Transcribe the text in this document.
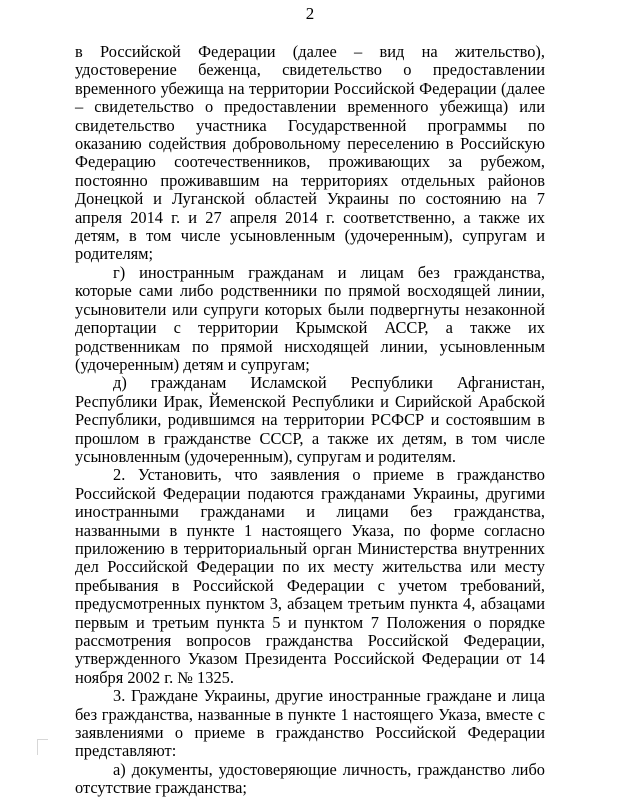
2

в Российской Федерации (далее – вид на жительство), удостоверение беженца, свидетельство о предоставлении временного убежища на территории Российской Федерации (далее – свидетельство о предоставлении временного убежища) или свидетельство участника Государственной программы по оказанию содействия добровольному переселению в Российскую Федерацию соотечественников, проживающих за рубежом, постоянно проживавшим на территориях отдельных районов Донецкой и Луганской областей Украины по состоянию на 7 апреля 2014 г. и 27 апреля 2014 г. соответственно, а также их детям, в том числе усыновленным (удочеренным), супругам и родителям;

г) иностранным гражданам и лицам без гражданства, которые сами либо родственники по прямой восходящей линии, усыновители или супруги которых были подвергнуты незаконной депортации с территории Крымской АССР, а также их родственникам по прямой нисходящей линии, усыновленным (удочеренным) детям и супругам;

д) гражданам Исламской Республики Афганистан, Республики Ирак, Йеменской Республики и Сирийской Арабской Республики, родившимся на территории РСФСР и состоявшим в прошлом в гражданстве СССР, а также их детям, в том числе усыновленным (удочеренным), супругам и родителям.

2. Установить, что заявления о приеме в гражданство Российской Федерации подаются гражданами Украины, другими иностранными гражданами и лицами без гражданства, названными в пункте 1 настоящего Указа, по форме согласно приложению в территориальный орган Министерства внутренних дел Российской Федерации по их месту жительства или месту пребывания в Российской Федерации с учетом требований, предусмотренных пунктом 3, абзацем третьим пункта 4, абзацами первым и третьим пункта 5 и пунктом 7 Положения о порядке рассмотрения вопросов гражданства Российской Федерации, утвержденного Указом Президента Российской Федерации от 14 ноября 2002 г. № 1325.

3. Граждане Украины, другие иностранные граждане и лица без гражданства, названные в пункте 1 настоящего Указа, вместе с заявлениями о приеме в гражданство Российской Федерации представляют:

а) документы, удостоверяющие личность, гражданство либо отсутствие гражданства;
